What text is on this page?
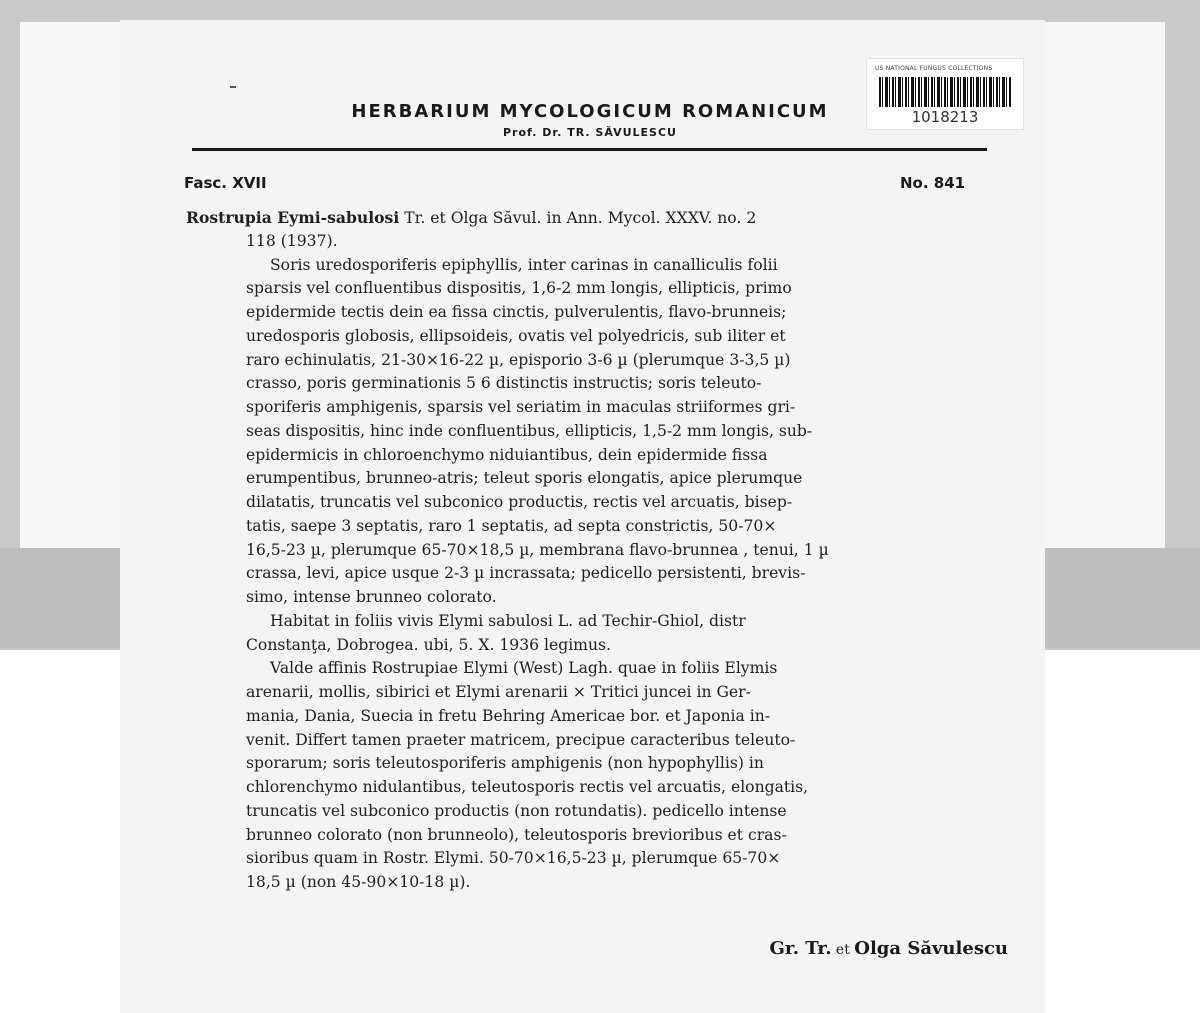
US NATIONAL FUNGUS COLLECTIONS
1018213
HERBARIUM MYCOLOGICUM ROMANICUM
Prof. Dr. TR. SĂVULESCU
Fasc. XVII	No. 841
Rostrupia Eymi-sabulosi Tr. et Olga Săvul. in Ann. Mycol. XXXV. no. 2
118 (1937).
Soris uredosporiferis epiphyllis, inter carinas in canalliculis folii
sparsis vel confluentibus dispositis, 1,6-2 mm longis, ellipticis, primo
epidermide tectis dein ea fissa cinctis, pulverulentis, flavo-brunneis;
uredosporis globosis, ellipsoideis, ovatis vel polyedricis, sub iliter et
raro echinulatis, 21-30×16-22 µ, episporio 3-6 µ (plerumque 3-3,5 µ)
crasso, poris germinationis 5 6 distinctis instructis; soris teleuto-
sporiferis amphigenis, sparsis vel seriatim in maculas striiformes gri-
seas dispositis, hinc inde confluentibus, ellipticis, 1,5-2 mm longis, sub-
epidermicis in chloroenchymo niduiantibus, dein epidermide fissa
erumpentibus, brunneo-atris; teleut sporis elongatis, apice plerumque
dilatatis, truncatis vel subconico productis, rectis vel arcuatis, bisep-
tatis, saepe 3 septatis, raro 1 septatis, ad septa constrictis, 50-70×
16,5-23 µ, plerumque 65-70×18,5 µ, membrana flavo-brunnea , tenui, 1 µ
crassa, levi, apice usque 2-3 µ incrassata; pedicello persistenti, brevis-
simo, intense brunneo colorato.
Habitat in foliis vivis Elymi sabulosi L. ad Techir-Ghiol, distr
Constanţa, Dobrogea. ubi, 5. X. 1936 legimus.
Valde affinis Rostrupiae Elymi (West) Lagh. quae in foliis Elymis
arenarii, mollis, sibirici et Elymi arenarii × Tritici juncei in Ger-
mania, Dania, Suecia in fretu Behring Americae bor. et Japonia in-
venit. Differt tamen praeter matricem, precipue caracteribus teleuto-
sporarum; soris teleutosporiferis amphigenis (non hypophyllis) in
chlorenchymo nidulantibus, teleutosporis rectis vel arcuatis, elongatis,
truncatis vel subconico productis (non rotundatis). pedicello intense
brunneo colorato (non brunneolo), teleutosporis brevioribus et cras-
sioribus quam in Rostr. Elymi. 50-70×16,5-23 µ, plerumque 65-70×
18,5 µ (non 45-90×10-18 µ).
Gr. Tr. et Olga Săvulescu
